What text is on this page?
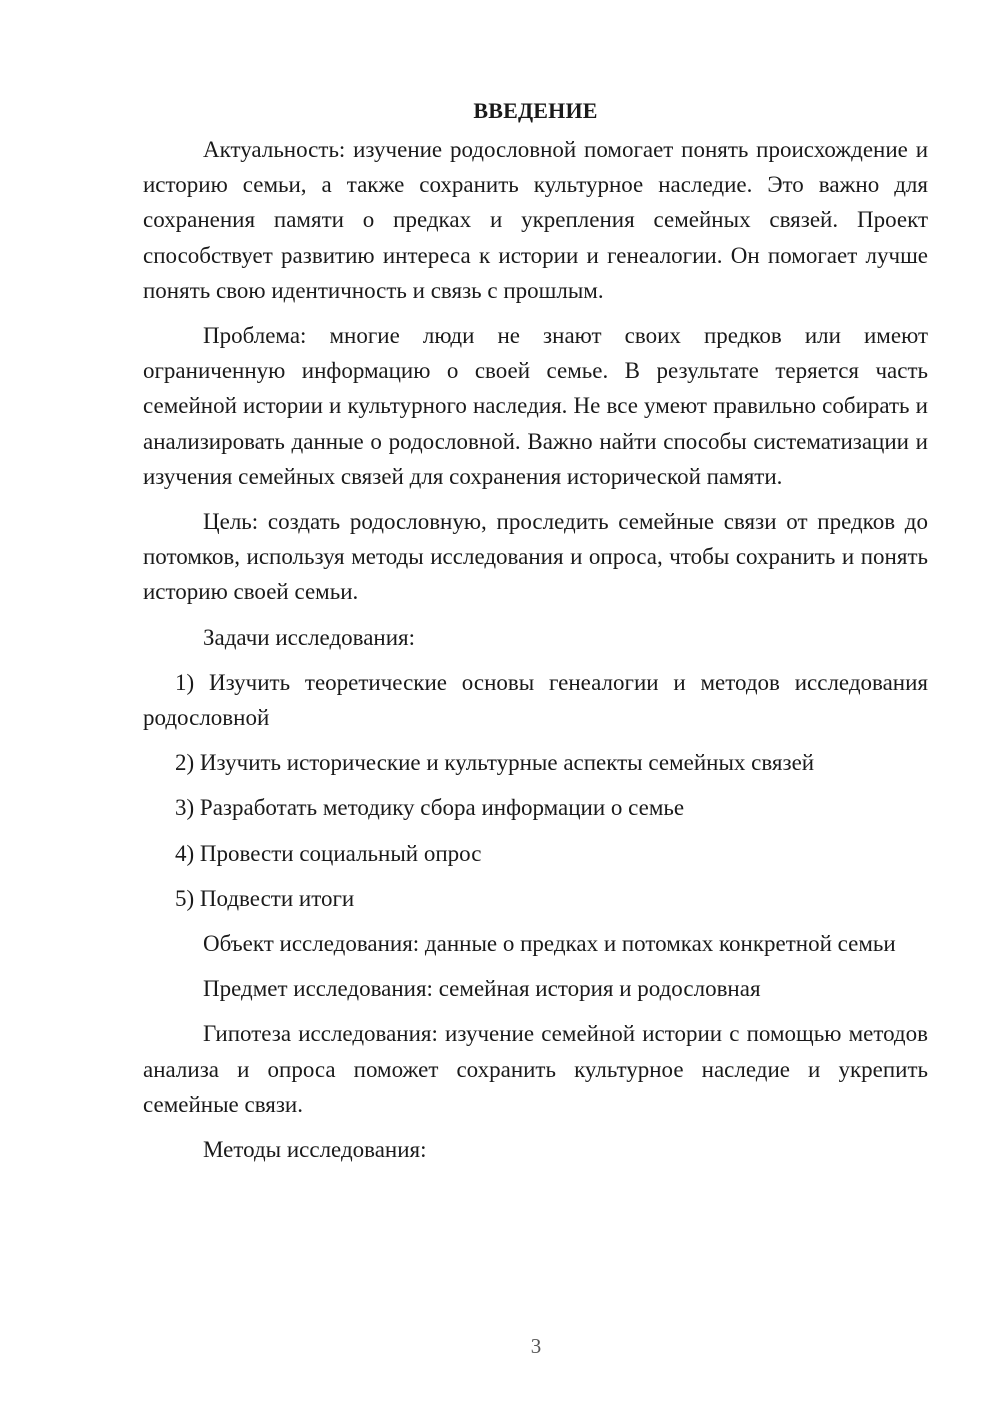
ВВЕДЕНИЕ

Актуальность: изучение родословной помогает понять происхождение и историю семьи, а также сохранить культурное наследие. Это важно для сохранения памяти о предках и укрепления семейных связей. Проект способствует развитию интереса к истории и генеалогии. Он помогает лучше понять свою идентичность и связь с прошлым.

Проблема: многие люди не знают своих предков или имеют ограниченную информацию о своей семье. В результате теряется часть семейной истории и культурного наследия. Не все умеют правильно собирать и анализировать данные о родословной. Важно найти способы систематизации и изучения семейных связей для сохранения исторической памяти.

Цель: создать родословную, проследить семейные связи от предков до потомков, используя методы исследования и опроса, чтобы сохранить и понять историю своей семьи.

Задачи исследования:

1) Изучить теоретические основы генеалогии и методов исследования родословной

2) Изучить исторические и культурные аспекты семейных связей

3) Разработать методику сбора информации о семье

4) Провести социальный опрос

5) Подвести итоги

Объект исследования: данные о предках и потомках конкретной семьи

Предмет исследования: семейная история и родословная

Гипотеза исследования: изучение семейной истории с помощью методов анализа и опроса поможет сохранить культурное наследие и укрепить семейные связи.

Методы исследования:

3
